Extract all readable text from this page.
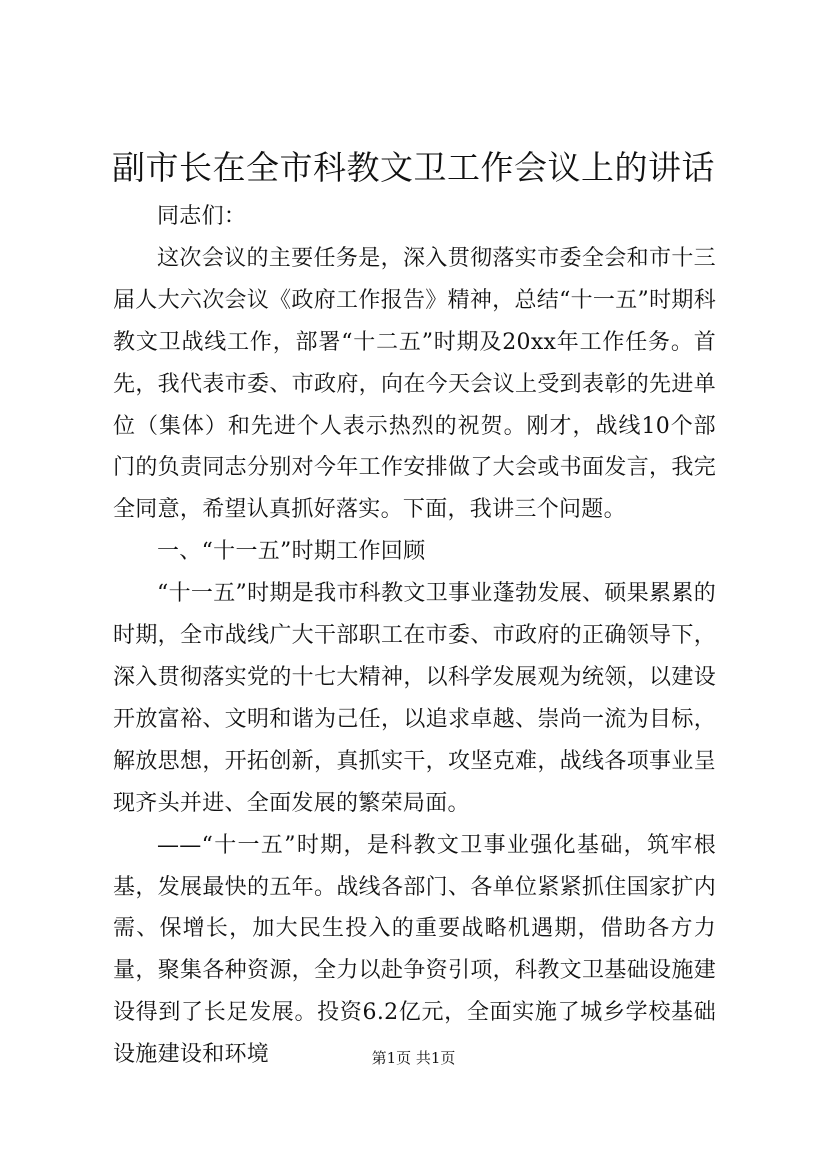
副市长在全市科教文卫工作会议上的讲话

同志们：

这次会议的主要任务是，深入贯彻落实市委全会和市十三届人大六次会议《政府工作报告》精神，总结“十一五”时期科教文卫战线工作，部署“十二五”时期及20xx年工作任务。首先，我代表市委、市政府，向在今天会议上受到表彰的先进单位（集体）和先进个人表示热烈的祝贺。刚才，战线10个部门的负责同志分别对今年工作安排做了大会或书面发言，我完全同意，希望认真抓好落实。下面，我讲三个问题。

一、“十一五”时期工作回顾

“十一五”时期是我市科教文卫事业蓬勃发展、硕果累累的时期，全市战线广大干部职工在市委、市政府的正确领导下，深入贯彻落实党的十七大精神，以科学发展观为统领，以建设开放富裕、文明和谐为己任，以追求卓越、崇尚一流为目标，解放思想，开拓创新，真抓实干，攻坚克难，战线各项事业呈现齐头并进、全面发展的繁荣局面。

——“十一五”时期，是科教文卫事业强化基础，筑牢根基，发展最快的五年。战线各部门、各单位紧紧抓住国家扩内需、保增长，加大民生投入的重要战略机遇期，借助各方力量，聚集各种资源，全力以赴争资引项，科教文卫基础设施建设得到了长足发展。投资6.2亿元，全面实施了城乡学校基础设施建设和环境	第1页 共1页
